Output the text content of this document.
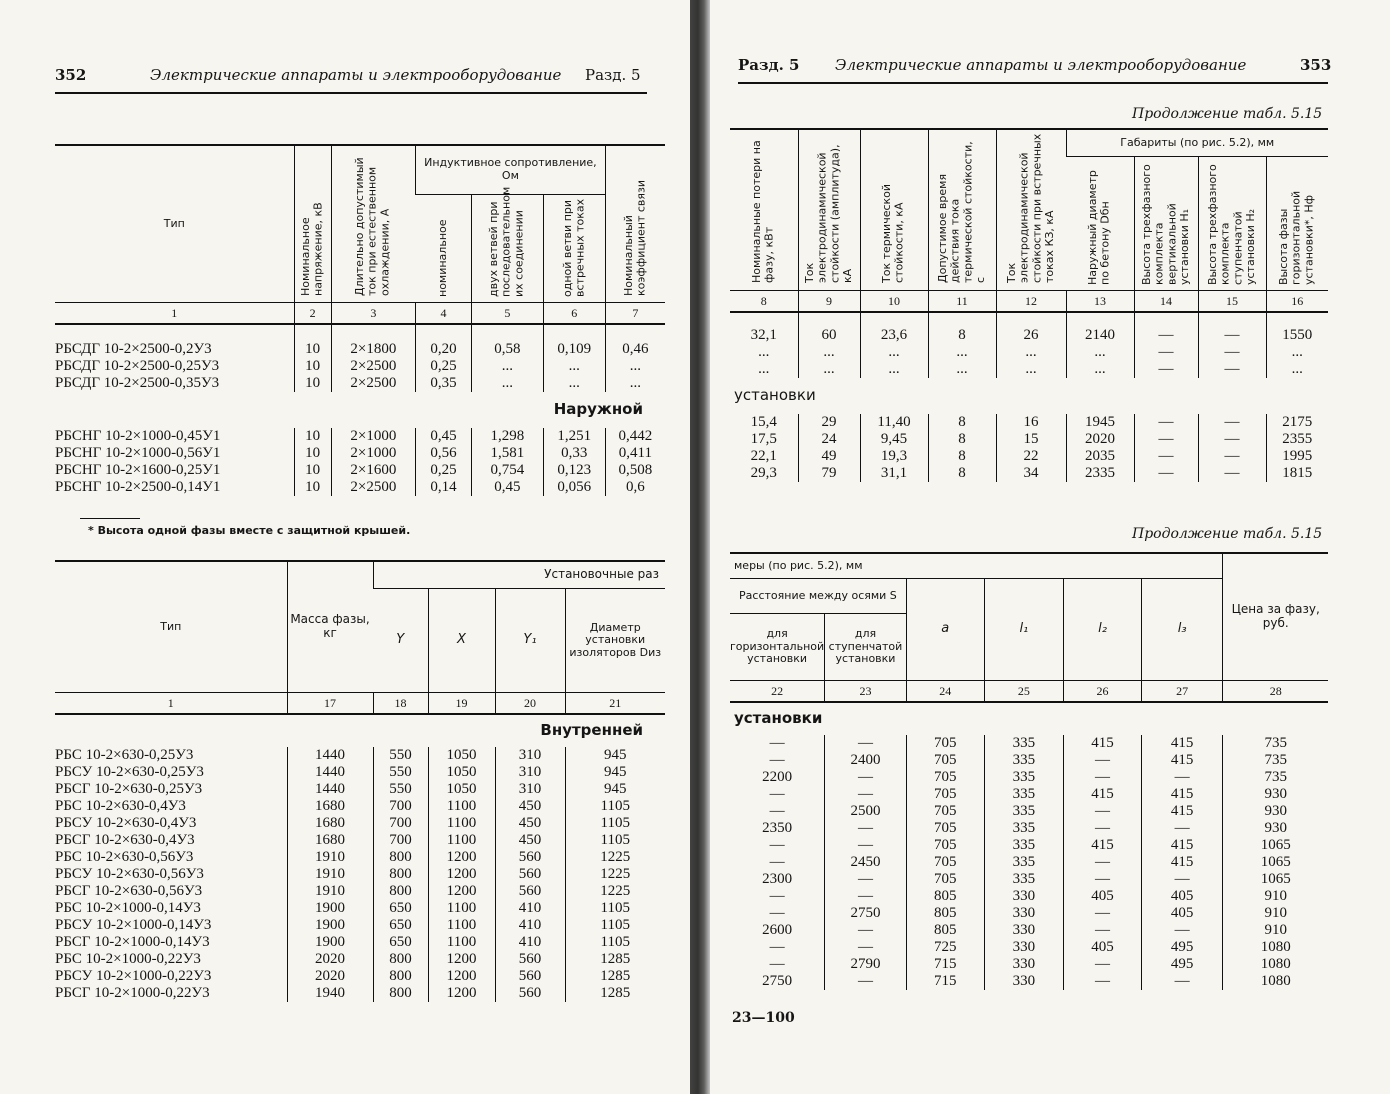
352	Электрические аппараты и электрооборудование Разд. 5
Тип	Номинальное напряжение, кВ	Длительно допустимый ток при естественном охлаждении, А	Индуктивное сопротивление, Ом			Номинальный коэффициент связи
			номинальное	двух ветвей при последовательном их соединении	одной ветви при встречных токах	
1	2	3	4	5	6	7
РБСДГ 10-2×2500-0,2У3	10	2×1800	0,20	0,58	0,109	0,46
РБСДГ 10-2×2500-0,25У3	10	2×2500	0,25	...	...	...
РБСДГ 10-2×2500-0,35У3	10	2×2500	0,35	...	...	...
Наружной						
РБСНГ 10-2×1000-0,45У1	10	2×1000	0,45	1,298	1,251	0,442
РБСНГ 10-2×1000-0,56У1	10	2×1000	0,56	1,581	0,33	0,411
РБСНГ 10-2×1600-0,25У1	10	2×1600	0,25	0,754	0,123	0,508
РБСНГ 10-2×2500-0,14У1	10	2×2500	0,14	0,45	0,056	0,6
* Высота одной фазы вместе с защитной крышей.
Тип	Масса фазы, кг	Установочные раз			
		Y	X	Y₁	Диаметр установки изоляторов Dиз
1	17	18	19	20	21
Внутренней					
РБС 10-2×630-0,25У3	1440	550	1050	310	945
РБСУ 10-2×630-0,25У3	1440	550	1050	310	945
РБСГ 10-2×630-0,25У3	1440	550	1050	310	945
РБС 10-2×630-0,4У3	1680	700	1100	450	1105
РБСУ 10-2×630-0,4У3	1680	700	1100	450	1105
РБСГ 10-2×630-0,4У3	1680	700	1100	450	1105
РБС 10-2×630-0,56У3	1910	800	1200	560	1225
РБСУ 10-2×630-0,56У3	1910	800	1200	560	1225
РБСГ 10-2×630-0,56У3	1910	800	1200	560	1225
РБС 10-2×1000-0,14У3	1900	650	1100	410	1105
РБСУ 10-2×1000-0,14У3	1900	650	1100	410	1105
РБСГ 10-2×1000-0,14У3	1900	650	1100	410	1105
РБС 10-2×1000-0,22У3	2020	800	1200	560	1285
РБСУ 10-2×1000-0,22У3	2020	800	1200	560	1285
РБСГ 10-2×1000-0,22У3	1940	800	1200	560	1285
Разд. 5 Электрические аппараты и электрооборудование	353
Продолжение табл. 5.15
Номинальные потери на фазу, кВт	Ток электродинамической стойкости (амплитуда), кА	Ток термической стойкости, кА	Допустимое время действия тока термической стойкости, с	Ток электродинамической стойкости при встречных токах КЗ, кА	Габариты (по рис. 5.2), мм			
					Наружный диаметр по бетону Dбн	Высота трехфазного комплекта вертикальной установки H₁	Высота трехфазного комплекта ступенчатой установки H₂	Высота фазы горизонтальной установки*, Hф
8	9	10	11	12	13	14	15	16
32,1	60	23,6	8	26	2140	—	—	1550
...	...	...	...	...	...	—	—	...
...	...	...	...	...	...	—	—	...
установки								
15,4	29	11,40	8	16	1945	—	—	2175
17,5	24	9,45	8	15	2020	—	—	2355
22,1	49	19,3	8	22	2035	—	—	1995
29,3	79	31,1	8	34	2335	—	—	1815
Продолжение табл. 5.15
меры (по рис. 5.2), мм						Цена за фазу, руб.
Расстояние между осями S		a	l₁	l₂	l₃	
для горизонтальной установки	для ступенчатой установки					
22	23	24	25	26	27	28
установки						
—	—	705	335	415	415	735
—	2400	705	335	—	415	735
2200	—	705	335	—	—	735
—	—	705	335	415	415	930
—	2500	705	335	—	415	930
2350	—	705	335	—	—	930
—	—	705	335	415	415	1065
—	2450	705	335	—	415	1065
2300	—	705	335	—	—	1065
—	—	805	330	405	405	910
—	2750	805	330	—	405	910
2600	—	805	330	—	—	910
—	—	725	330	405	495	1080
—	2790	715	330	—	495	1080
2750	—	715	330	—	—	1080
23—100
